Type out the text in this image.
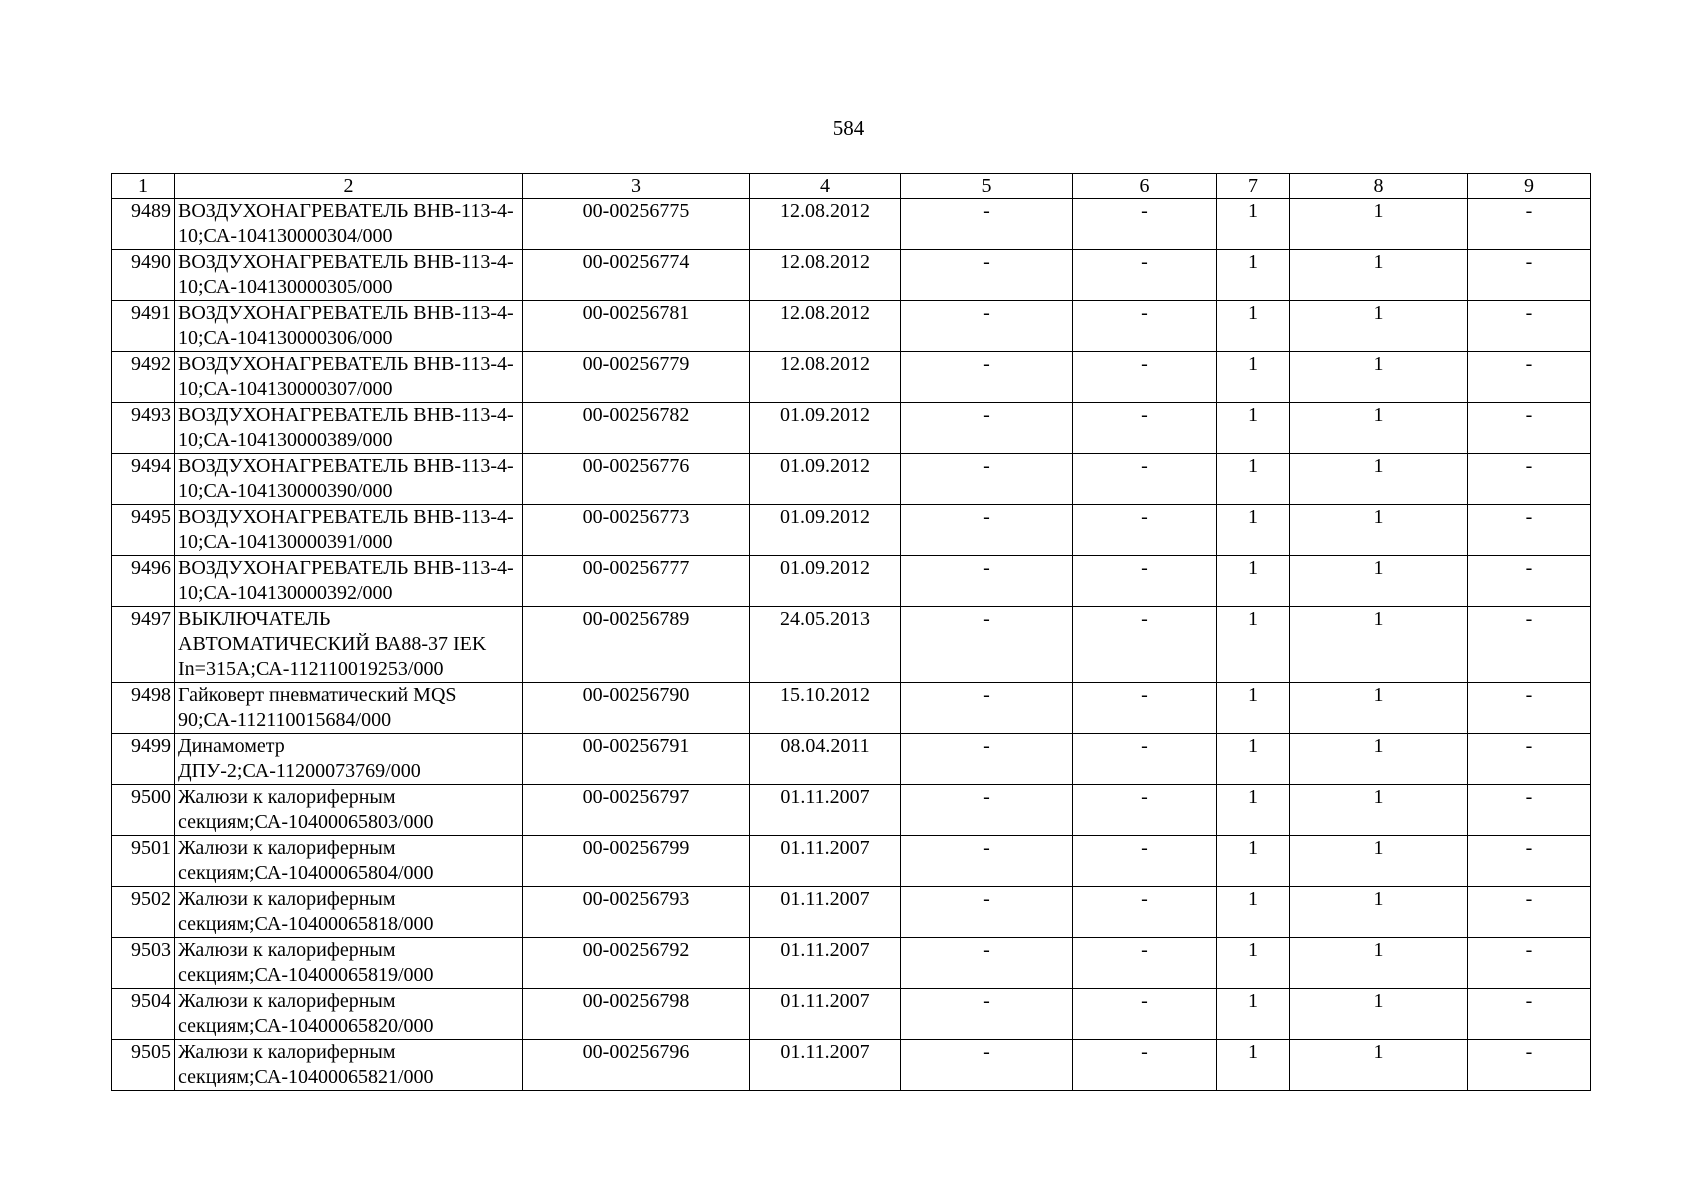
584
1	2	3	4	5	6	7	8	9
9489	ВОЗДУХОНАГРЕВАТЕЛЬ ВНВ-113-4-10;СА-104130000304/000	00-00256775	12.08.2012	-	-	1	1	-
9490	ВОЗДУХОНАГРЕВАТЕЛЬ ВНВ-113-4-10;СА-104130000305/000	00-00256774	12.08.2012	-	-	1	1	-
9491	ВОЗДУХОНАГРЕВАТЕЛЬ ВНВ-113-4-10;СА-104130000306/000	00-00256781	12.08.2012	-	-	1	1	-
9492	ВОЗДУХОНАГРЕВАТЕЛЬ ВНВ-113-4-10;СА-104130000307/000	00-00256779	12.08.2012	-	-	1	1	-
9493	ВОЗДУХОНАГРЕВАТЕЛЬ ВНВ-113-4-10;СА-104130000389/000	00-00256782	01.09.2012	-	-	1	1	-
9494	ВОЗДУХОНАГРЕВАТЕЛЬ ВНВ-113-4-10;СА-104130000390/000	00-00256776	01.09.2012	-	-	1	1	-
9495	ВОЗДУХОНАГРЕВАТЕЛЬ ВНВ-113-4-10;СА-104130000391/000	00-00256773	01.09.2012	-	-	1	1	-
9496	ВОЗДУХОНАГРЕВАТЕЛЬ ВНВ-113-4-10;СА-104130000392/000	00-00256777	01.09.2012	-	-	1	1	-
9497	ВЫКЛЮЧАТЕЛЬ АВТОМАТИЧЕСКИЙ ВА88-37 IEK In=315А;СА-112110019253/000	00-00256789	24.05.2013	-	-	1	1	-
9498	Гайковерт пневматический MQS 90;СА-112110015684/000	00-00256790	15.10.2012	-	-	1	1	-
9499	Динамометр ДПУ-2;СА-11200073769/000	00-00256791	08.04.2011	-	-	1	1	-
9500	Жалюзи к калориферным секциям;СА-10400065803/000	00-00256797	01.11.2007	-	-	1	1	-
9501	Жалюзи к калориферным секциям;СА-10400065804/000	00-00256799	01.11.2007	-	-	1	1	-
9502	Жалюзи к калориферным секциям;СА-10400065818/000	00-00256793	01.11.2007	-	-	1	1	-
9503	Жалюзи к калориферным секциям;СА-10400065819/000	00-00256792	01.11.2007	-	-	1	1	-
9504	Жалюзи к калориферным секциям;СА-10400065820/000	00-00256798	01.11.2007	-	-	1	1	-
9505	Жалюзи к калориферным секциям;СА-10400065821/000	00-00256796	01.11.2007	-	-	1	1	-
